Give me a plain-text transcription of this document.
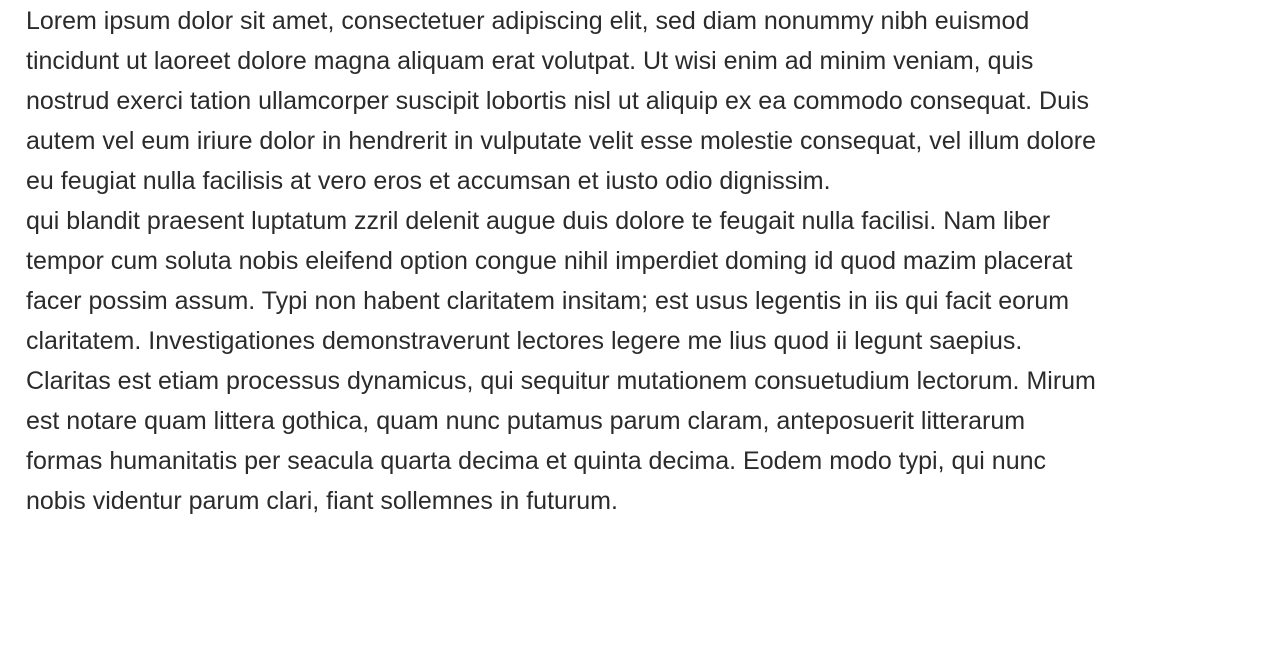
Lorem ipsum dolor sit amet, consectetuer adipiscing elit, sed diam nonummy nibh euismod
tincidunt ut laoreet dolore magna aliquam erat volutpat. Ut wisi enim ad minim veniam, quis
nostrud exerci tation ullamcorper suscipit lobortis nisl ut aliquip ex ea commodo consequat. Duis
autem vel eum iriure dolor in hendrerit in vulputate velit esse molestie consequat, vel illum dolore
eu feugiat nulla facilisis at vero eros et accumsan et iusto odio dignissim.
qui blandit praesent luptatum zzril delenit augue duis dolore te feugait nulla facilisi. Nam liber
tempor cum soluta nobis eleifend option congue nihil imperdiet doming id quod mazim placerat
facer possim assum. Typi non habent claritatem insitam; est usus legentis in iis qui facit eorum
claritatem. Investigationes demonstraverunt lectores legere me lius quod ii legunt saepius.
Claritas est etiam processus dynamicus, qui sequitur mutationem consuetudium lectorum. Mirum
est notare quam littera gothica, quam nunc putamus parum claram, anteposuerit litterarum
formas humanitatis per seacula quarta decima et quinta decima. Eodem modo typi, qui nunc
nobis videntur parum clari, fiant sollemnes in futurum.
